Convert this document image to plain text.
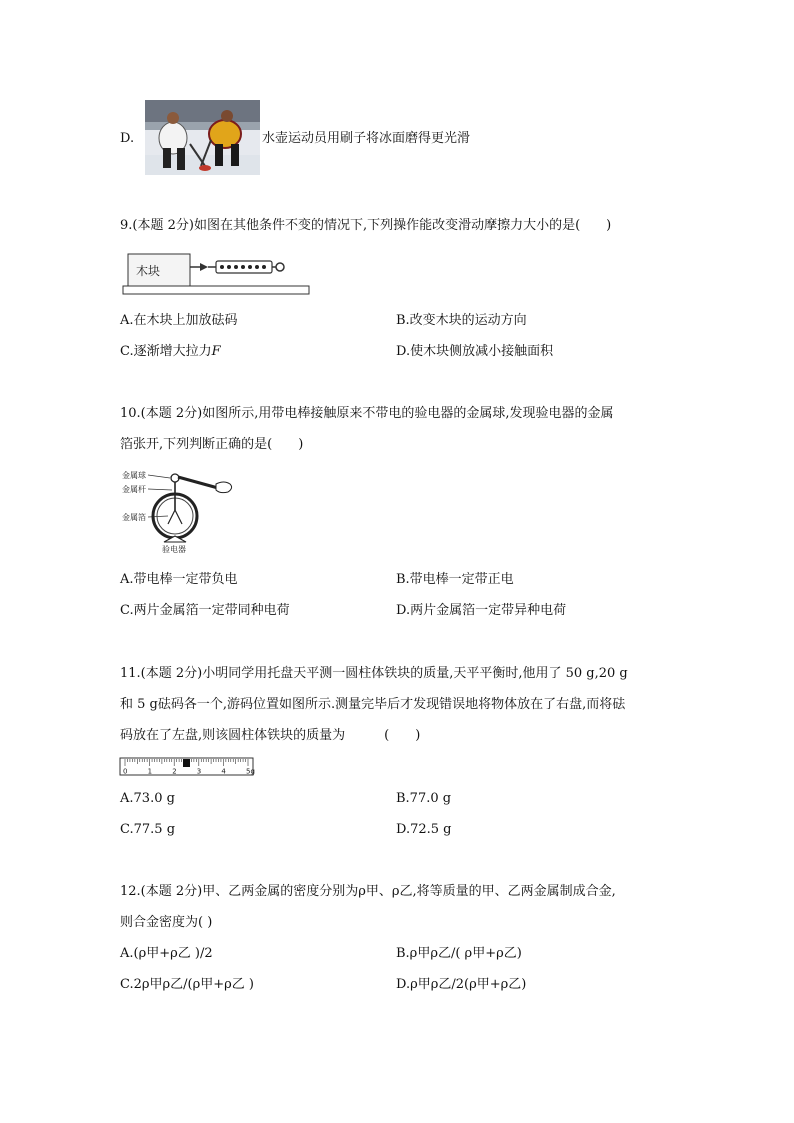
D.	水壶运动员用刷子将冰面磨得更光滑
9.(本题 2分)如图在其他条件不变的情况下,下列操作能改变滑动摩擦力大小的是(　　)
木块
A.在木块上加放砝码	B.改变木块的运动方向
C.逐渐增大拉力𝐹	D.使木块侧放减小接触面积
10.(本题 2分)如图所示,用带电棒接触原来不带电的验电器的金属球,发现验电器的金属
箔张开,下列判断正确的是(　　)
金属球
金属杆
金属箔
验电器
A.带电棒一定带负电	B.带电棒一定带正电
C.两片金属箔一定带同种电荷	D.两片金属箔一定带异种电荷
11.(本题 2分)小明同学用托盘天平测一圆柱体铁块的质量,天平平衡时,他用了 50 g,20 g
和 5 g砝码各一个,游码位置如图所示.测量完毕后才发现错误地将物体放在了右盘,而将砝
码放在了左盘,则该圆柱体铁块的质量为　　　(　　)
0	1	2	3	4	5g
A.73.0 g	B.77.0 g
C.77.5 g	D.72.5 g
12.(本题 2分)甲、乙两金属的密度分别为ρ甲、ρ乙,将等质量的甲、乙两金属制成合金,
则合金密度为( )
A.(ρ甲+ρ乙 )/2	B.ρ甲ρ乙/( ρ甲+ρ乙)
C.2ρ甲ρ乙/(ρ甲+ρ乙 )	D.ρ甲ρ乙/2(ρ甲+ρ乙)
